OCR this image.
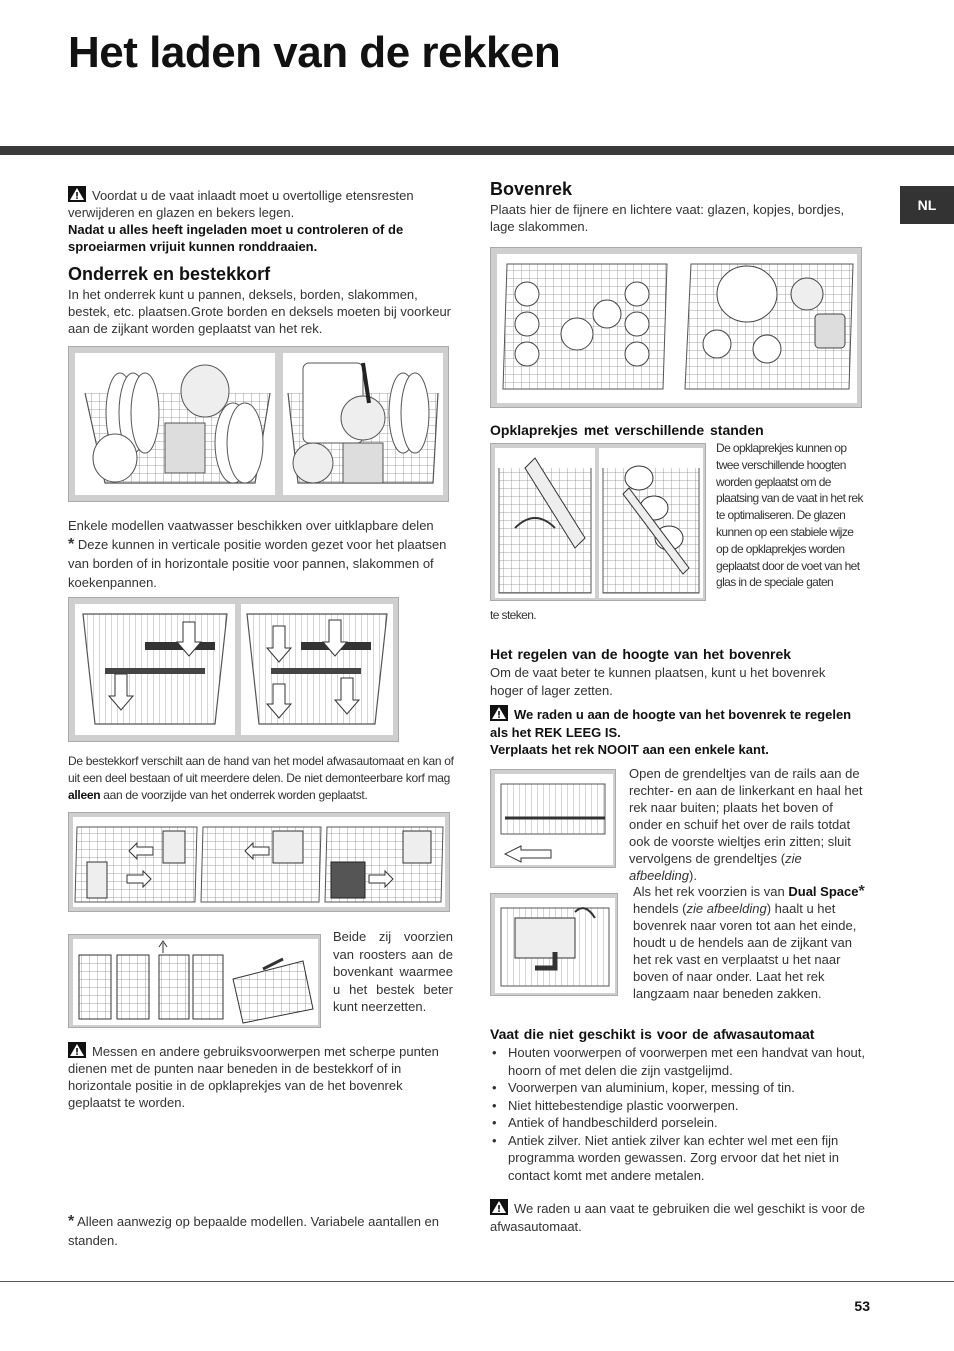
Het laden van de rekken
NL
Voordat u de vaat inlaadt moet u overtollige etensresten verwijderen en glazen en bekers legen.
Nadat u alles heeft ingeladen moet u controleren of de sproeiarmen vrijuit kunnen ronddraaien.
Onderrek en bestekkorf
In het onderrek kunt u pannen, deksels, borden, slakommen, bestek, etc. plaatsen.Grote borden en deksels moeten bij voorkeur aan de zijkant worden geplaatst van het rek.
Enkele modellen vaatwasser beschikken over uitklapbare delen
* Deze kunnen in verticale positie worden gezet voor het plaatsen van borden of in horizontale positie voor pannen, slakommen of koekenpannen.
De bestekkorf verschilt aan de hand van het model afwasautomaat en kan of uit een deel bestaan of uit meerdere delen. De niet demonteerbare korf mag alleen aan de voorzijde van het onderrek worden geplaatst.
Beide zij voorzien van roosters aan de bovenkant waarmee u het bestek beter kunt neerzetten.
Messen en andere gebruiksvoorwerpen met scherpe punten dienen met de punten naar beneden in de bestekkorf of in horizontale positie in de opklaprekjes van de het bovenrek geplaatst te worden.
* Alleen aanwezig op bepaalde modellen. Variabele aantallen en standen.
Bovenrek
Plaats hier de fijnere en lichtere vaat: glazen, kopjes, bordjes, lage slakommen.
Opklaprekjes met verschillende standen
De opklaprekjes kunnen op twee verschillende hoogten worden geplaatst om de plaatsing van de vaat in het rek te optimaliseren. De glazen kunnen op een stabiele wijze op de opklaprekjes worden geplaatst door de voet van het glas in de speciale gaten
te steken.
Het regelen van de hoogte van het bovenrek
Om de vaat beter te kunnen plaatsen, kunt u het bovenrek hoger of lager zetten.
We raden u aan de hoogte van het bovenrek te regelen als het REK LEEG IS.
Verplaats het rek NOOIT aan een enkele kant.
Open de grendeltjes van de rails aan de rechter- en aan de linkerkant en haal het rek naar buiten; plaats het boven of onder en schuif het over de rails totdat ook de voorste wieltjes erin zitten; sluit vervolgens de grendeltjes (zie afbeelding).
Als het rek voorzien is van Dual Space*
hendels (zie afbeelding) haalt u het bovenrek naar voren tot aan het einde, houdt u de hendels aan de zijkant van het rek vast en verplaatst u het naar boven of naar onder. Laat het rek langzaam naar beneden zakken.
Vaat die niet geschikt is voor de afwasautomaat
• Houten voorwerpen of voorwerpen met een handvat van hout, hoorn of met delen die zijn vastgelijmd.
• Voorwerpen van aluminium, koper, messing of tin.
• Niet hittebestendige plastic voorwerpen.
• Antiek of handbeschilderd porselein.
• Antiek zilver. Niet antiek zilver kan echter wel met een fijn programma worden gewassen. Zorg ervoor dat het niet in contact komt met andere metalen.
We raden u aan vaat te gebruiken die wel geschikt is voor de afwasautomaat.
53
